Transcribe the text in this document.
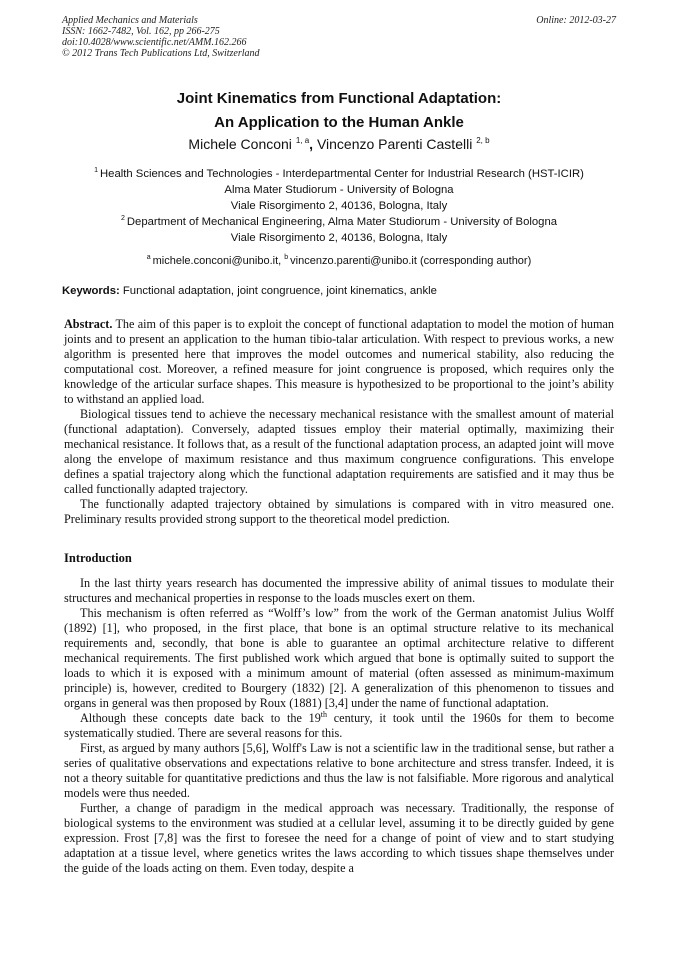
Applied Mechanics and Materials
ISSN: 1662-7482, Vol. 162, pp 266-275
doi:10.4028/www.scientific.net/AMM.162.266
© 2012 Trans Tech Publications Ltd, Switzerland
Online: 2012-03-27
Joint Kinematics from Functional Adaptation:
An Application to the Human Ankle
Michele Conconi $^{1, a}$, Vincenzo Parenti Castelli $^{2, b}$
$^1$ Health Sciences and Technologies - Interdepartmental Center for Industrial Research (HST-ICIR)
Alma Mater Studiorum - University of Bologna
Viale Risorgimento 2, 40136, Bologna, Italy
$^2$ Department of Mechanical Engineering, Alma Mater Studiorum - University of Bologna
Viale Risorgimento 2, 40136, Bologna, Italy
$^a$ michele.conconi@unibo.it, $^b$ vincenzo.parenti@unibo.it (corresponding author)
Keywords: Functional adaptation, joint congruence, joint kinematics, ankle

Abstract. The aim of this paper is to exploit the concept of functional adaptation to model the motion of human joints and to present an application to the human tibio-talar articulation. With respect to previous works, a new algorithm is presented here that improves the model outcomes and numerical stability, also reducing the computational cost. Moreover, a refined measure for joint congruence is proposed, which requires only the knowledge of the articular surface shapes. This measure is hypothesized to be proportional to the joint’s ability to withstand an applied load.

Biological tissues tend to achieve the necessary mechanical resistance with the smallest amount of material (functional adaptation). Conversely, adapted tissues employ their material optimally, maximizing their mechanical resistance. It follows that, as a result of the functional adaptation process, an adapted joint will move along the envelope of maximum resistance and thus maximum congruence configurations. This envelope defines a spatial trajectory along which the functional adaptation requirements are satisfied and it may thus be called functionally adapted trajectory.

The functionally adapted trajectory obtained by simulations is compared with in vitro measured one. Preliminary results provided strong support to the theoretical model prediction.

Introduction

In the last thirty years research has documented the impressive ability of animal tissues to modulate their structures and mechanical properties in response to the loads muscles exert on them.

This mechanism is often referred as “Wolff’s low” from the work of the German anatomist Julius Wolff (1892) [1], who proposed, in the first place, that bone is an optimal structure relative to its mechanical requirements and, secondly, that bone is able to guarantee an optimal architecture relative to different mechanical requirements. The first published work which argued that bone is optimally suited to support the loads to which it is exposed with a minimum amount of material (often assessed as minimum-maximum principle) is, however, credited to Bourgery (1832) [2]. A generalization of this phenomenon to tissues and organs in general was then proposed by Roux (1881) [3,4] under the name of functional adaptation.

Although these concepts date back to the 19th century, it took until the 1960s for them to become systematically studied. There are several reasons for this.

First, as argued by many authors [5,6], Wolff's Law is not a scientific law in the traditional sense, but rather a series of qualitative observations and expectations relative to bone architecture and stress transfer. Indeed, it is not a theory suitable for quantitative predictions and thus the law is not falsifiable. More rigorous and analytical models were thus needed.

Further, a change of paradigm in the medical approach was necessary. Traditionally, the response of biological systems to the environment was studied at a cellular level, assuming it to be directly guided by gene expression. Frost [7,8] was the first to foresee the need for a change of point of view and to start studying adaptation at a tissue level, where genetics writes the laws according to which tissues shape themselves under the guide of the loads acting on them. Even today, despite a
